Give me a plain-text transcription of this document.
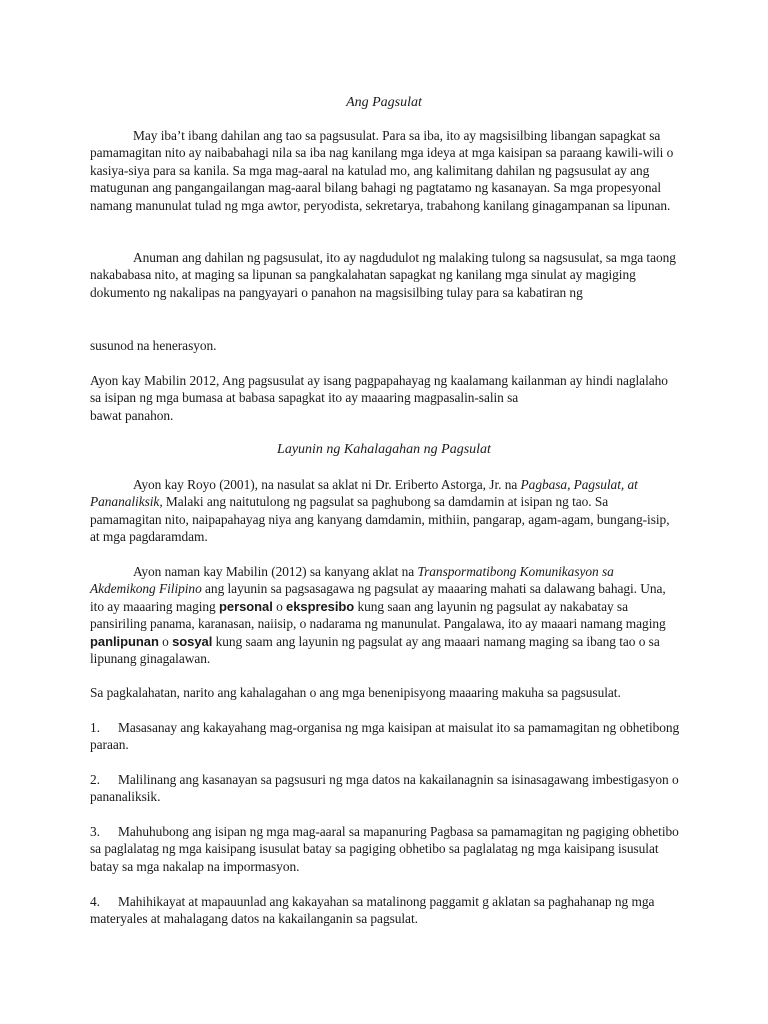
Ang Pagsulat

May iba’t ibang dahilan ang tao sa pagsusulat. Para sa iba, ito ay magsisilbing libangan sapagkat sa pamamagitan nito ay naibabahagi nila sa iba nag kanilang mga ideya at mga kaisipan sa paraang kawili-wili o kasiya-siya para sa kanila. Sa mga mag-aaral na katulad mo, ang kalimitang dahilan ng pagsusulat ay ang matugunan ang pangangailangan mag-aaral bilang bahagi ng pagtatamo ng kasanayan. Sa mga propesyonal namang manunulat tulad ng mga awtor, peryodista, sekretarya, trabahong kanilang ginagampanan sa lipunan.

Anuman ang dahilan ng pagsusulat, ito ay nagdudulot ng malaking tulong sa nagsusulat, sa mga taong nakababasa nito, at maging sa lipunan sa pangkalahatan sapagkat ng kanilang mga sinulat ay magiging dokumento ng nakalipas na pangyayari o panahon na magsisilbing tulay para sa kabatiran ng

susunod na henerasyon.

Ayon kay Mabilin 2012, Ang pagsusulat ay isang pagpapahayag ng kaalamang kailanman ay hindi naglalaho sa isipan ng mga bumasa at babasa sapagkat ito ay maaaring magpasalin-salin sa
bawat panahon.

Layunin ng Kahalagahan ng Pagsulat

Ayon kay Royo (2001), na nasulat sa aklat ni Dr. Eriberto Astorga, Jr. na Pagbasa, Pagsulat, at Pananaliksik, Malaki ang naitutulong ng pagsulat sa paghubong sa damdamin at isipan ng tao. Sa pamamagitan nito, naipapahayag niya ang kanyang damdamin, mithiin, pangarap, agam-agam, bungang-isip, at mga pagdaramdam.

Ayon naman kay Mabilin (2012) sa kanyang aklat na Transpormatibong Komunikasyon sa Akdemikong Filipino ang layunin sa pagsasagawa ng pagsulat ay maaaring mahati sa dalawang bahagi. Una, ito ay maaaring maging personal o ekspresibo kung saan ang layunin ng pagsulat ay nakabatay sa pansiriling panama, karanasan, naiisip, o nadarama ng manunulat. Pangalawa, ito ay maaari namang maging panlipunan o sosyal kung saam ang layunin ng pagsulat ay ang maaari namang maging sa ibang tao o sa lipunang ginagalawan.

Sa pagkalahatan, narito ang kahalagahan o ang mga benenipisyong maaaring makuha sa pagsusulat.

1. Masasanay ang kakayahang mag-organisa ng mga kaisipan at maisulat ito sa pamamagitan ng obhetibong paraan.

2. Malilinang ang kasanayan sa pagsusuri ng mga datos na kakailanagnin sa isinasagawang imbestigasyon o pananaliksik.

3. Mahuhubong ang isipan ng mga mag-aaral sa mapanuring Pagbasa sa pamamagitan ng pagiging obhetibo sa paglalatag ng mga kaisipang isusulat batay sa pagiging obhetibo sa paglalatag ng mga kaisipang isusulat batay sa mga nakalap na impormasyon.

4. Mahihikayat at mapauunlad ang kakayahan sa matalinong paggamit g aklatan sa paghahanap ng mga materyales at mahalagang datos na kakailanganin sa pagsulat.
